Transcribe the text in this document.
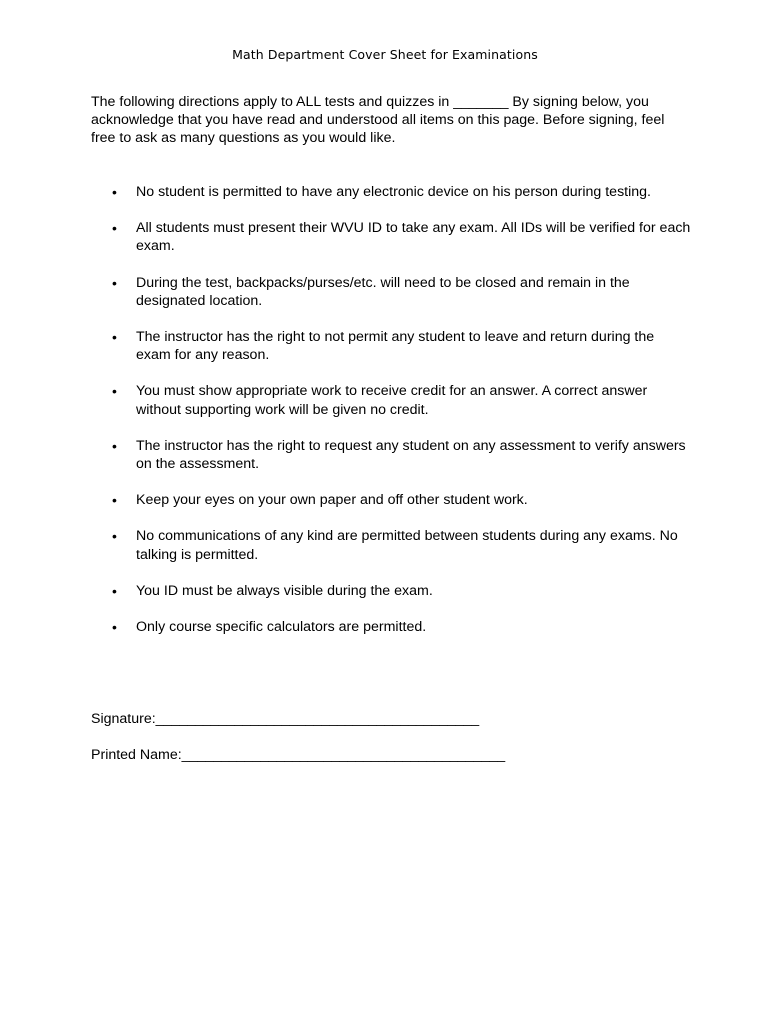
Math Department Cover Sheet for Examinations
The following directions apply to ALL tests and quizzes in _______ By signing below, you acknowledge that you have read and understood all items on this page. Before signing, feel free to ask as many questions as you would like.
• No student is permitted to have any electronic device on his person during testing.
• All students must present their WVU ID to take any exam. All IDs will be verified for each exam.
• During the test, backpacks/purses/etc. will need to be closed and remain in the designated location.
• The instructor has the right to not permit any student to leave and return during the exam for any reason.
• You must show appropriate work to receive credit for an answer. A correct answer without supporting work will be given no credit.
• The instructor has the right to request any student on any assessment to verify answers on the assessment.
• Keep your eyes on your own paper and off other student work.
• No communications of any kind are permitted between students during any exams. No talking is permitted.
• You ID must be always visible during the exam.
• Only course specific calculators are permitted.
Signature:_________________________________________
Printed Name:_________________________________________
